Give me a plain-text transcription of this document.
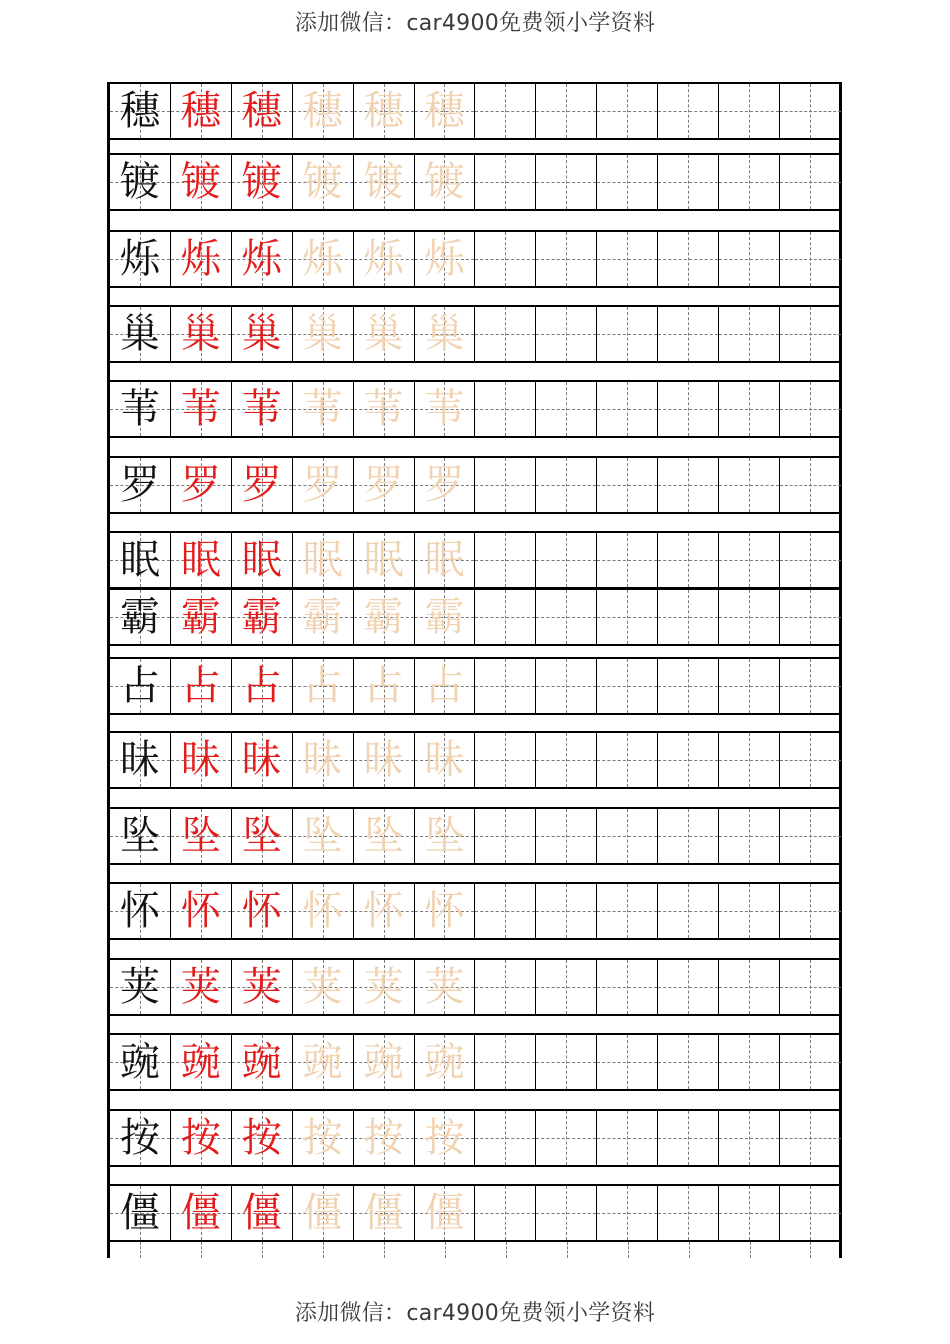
添加微信：car4900免费领小学资料
穗 穗 穗 穗 穗 穗
镀 镀 镀 镀 镀 镀
烁 烁 烁 烁 烁 烁
巢 巢 巢 巢 巢 巢
苇 苇 苇 苇 苇 苇
罗 罗 罗 罗 罗 罗
眠 眠 眠 眠 眠 眠
霸 霸 霸 霸 霸 霸
占 占 占 占 占 占
昧 昧 昧 昧 昧 昧
坠 坠 坠 坠 坠 坠
怀 怀 怀 怀 怀 怀
荚 荚 荚 荚 荚 荚
豌 豌 豌 豌 豌 豌
按 按 按 按 按 按
僵 僵 僵 僵 僵 僵
添加微信：car4900免费领小学资料
